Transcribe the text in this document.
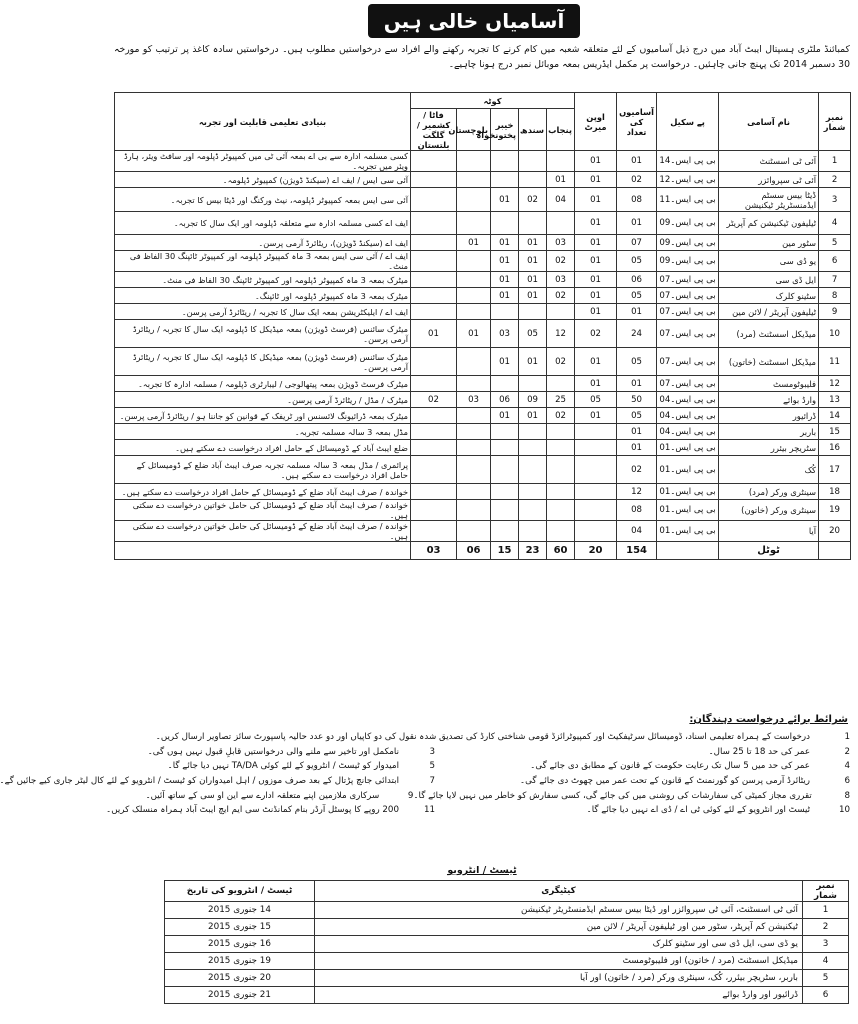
آسامیاں خالی ہیں
کمبائنڈ ملٹری ہسپتال ایبٹ آباد میں درج ذیل آسامیوں کے لئے متعلقہ شعبہ میں کام کرنے کا تجربہ رکھنے والے افراد سے درخواستیں مطلوب ہیں۔ درخواستیں سادہ کاغذ پر ترتیب کو مورخہ 30 دسمبر 2014 تک پہنچ جانی چاہئیں۔ درخواست پر مکمل ایڈریس بمعہ موبائل نمبر درج ہونا چاہیے۔
نمبر شمار	نام آسامی	پے سکیل	آسامیوں کی تعداد	اوپن میرٹ	کوٹہ					بنیادی تعلیمی قابلیت اور تجربہ
					پنجاب	سندھ	خیبر پختونخواہ	بلوچستان	فاٹا / کشمیر / گلگت بلتستان	
1	آئی ٹی اسسٹنٹ	بی پی ایس۔14	01	01						کسی مسلمہ ادارہ سے بی اے بمعہ آئی ٹی میں کمپیوٹر ڈپلومہ اور سافٹ ویئر، ہارڈ ویئر میں تجربہ۔
2	آئی ٹی سپروائزر	بی پی ایس۔12	02	01	01					آئی سی ایس / ایف اے (سیکنڈ ڈویژن) کمپیوٹر ڈپلومہ۔
3	ڈیٹا بیس سسٹم ایڈمنسٹریٹر ٹیکنیشن	بی پی ایس۔11	08	01	04	02	01			آئی سی ایس بمعہ کمپیوٹر ڈپلومہ، نیٹ ورکنگ اور ڈیٹا بیس کا تجربہ۔
4	ٹیلیفون ٹیکنیشن کم آپریٹر	بی پی ایس۔09	01	01						ایف اے کسی مسلمہ ادارہ سے متعلقہ ڈپلومہ اور ایک سال کا تجربہ۔
5	سٹور مین	بی پی ایس۔09	07	01	03	01	01	01		ایف اے (سیکنڈ ڈویژن)، ریٹائرڈ آرمی پرسن۔
6	یو ڈی سی	بی پی ایس۔09	05	01	02	01	01			ایف اے / آئی سی ایس بمعہ 3 ماہ کمپیوٹر ڈپلومہ اور کمپیوٹر ٹائپنگ 30 الفاظ فی منٹ۔
7	ایل ڈی سی	بی پی ایس۔07	06	01	03	01	01			میٹرک بمعہ 3 ماہ کمپیوٹر ڈپلومہ اور کمپیوٹر ٹائپنگ 30 الفاظ فی منٹ۔
8	سٹینو کلرک	بی پی ایس۔07	05	01	02	01	01			میٹرک بمعہ 3 ماہ کمپیوٹر ڈپلومہ اور ٹائپنگ۔
9	ٹیلیفون آپریٹر / لائن مین	بی پی ایس۔07	01	01						ایف اے / ایلیکٹریشن بمعہ ایک سال کا تجربہ / ریٹائرڈ آرمی پرسن۔
10	میڈیکل اسسٹنٹ (مرد)	بی پی ایس۔07	24	02	12	05	03	01	01	میٹرک سائنس (فرسٹ ڈویژن) بمعہ میڈیکل کا ڈپلومہ ایک سال کا تجربہ / ریٹائرڈ آرمی پرسن۔
11	میڈیکل اسسٹنٹ (خاتون)	بی پی ایس۔07	05	01	02	01	01			میٹرک سائنس (فرسٹ ڈویژن) بمعہ میڈیکل کا ڈپلومہ ایک سال کا تجربہ / ریٹائرڈ آرمی پرسن۔
12	فلیبوٹومسٹ	بی پی ایس۔07	01	01						میٹرک فرسٹ ڈویژن بمعہ پیتھالوجی / لیبارٹری ڈپلومہ / مسلمہ ادارہ کا تجربہ۔
13	وارڈ بوائے	بی پی ایس۔04	50	05	25	09	06	03	02	میٹرک / مڈل / ریٹائرڈ آرمی پرسن۔
14	ڈرائیور	بی پی ایس۔04	05	01	02	01	01			میٹرک بمعہ ڈرائیونگ لائسنس اور ٹریفک کے قوانین کو جاننا ہو / ریٹائرڈ آرمی پرسن۔
15	باربر	بی پی ایس۔04	01							مڈل بمعہ 3 سالہ مسلمہ تجربہ۔
16	سٹریچر بیئرر	بی پی ایس۔01	01							ضلع ایبٹ آباد کے ڈومیسائل کے حامل افراد درخواست دے سکتے ہیں۔
17	کُک	بی پی ایس۔01	02							پرائمری / مڈل بمعہ 3 سالہ مسلمہ تجربہ صرف ایبٹ آباد ضلع کے ڈومیسائل کے حامل افراد درخواست دے سکتے ہیں۔
18	سینٹری ورکر (مرد)	بی پی ایس۔01	12							خواندہ / صرف ایبٹ آباد ضلع کے ڈومیسائل کے حامل افراد درخواست دے سکتے ہیں۔
19	سینٹری ورکر (خاتون)	بی پی ایس۔01	08							خواندہ / صرف ایبٹ آباد ضلع کے ڈومیسائل کی حامل خواتین درخواست دے سکتی ہیں۔
20	آیا	بی پی ایس۔01	04							خواندہ / صرف ایبٹ آباد ضلع کے ڈومیسائل کی حامل خواتین درخواست دے سکتی ہیں۔
	ٹوٹل		154	20	60	23	15	06	03	
شرائط برائے درخواست دہندگان:
1
درخواست کے ہمراہ تعلیمی اسناد، ڈومیسائل سرٹیفکیٹ اور کمپیوٹرائزڈ قومی شناختی کارڈ کی تصدیق شدہ نقول کی دو کاپیاں اور دو عدد حالیہ پاسپورٹ سائز تصاویر ارسال کریں۔
2
عمر کی حد 18 تا 25 سال۔
3
نامکمل اور تاخیر سے ملنے والی درخواستیں قابلِ قبول نہیں ہوں گی۔
4
عمر کی حد میں 5 سال تک رعایت حکومت کے قانون کے مطابق دی جائے گی۔
5
امیدوار کو ٹیسٹ / انٹرویو کے لئے کوئی TA/DA نہیں دیا جائے گا۔
6
ریٹائرڈ آرمی پرسن کو گورنمنٹ کے قانون کے تحت عمر میں چھوٹ دی جائے گی۔
7
ابتدائی جانچ پڑتال کے بعد صرف موزوں / اہل امیدواران کو ٹیسٹ / انٹرویو کے لئے کال لیٹر جاری کیے جائیں گے۔
8
تقرری مجاز کمیٹی کی سفارشات کی روشنی میں کی جائے گی، کسی سفارش کو خاطر میں نہیں لایا جائے گا۔
9
سرکاری ملازمین اپنے متعلقہ ادارے سے این او سی کے ساتھ آئیں۔
10
ٹیسٹ اور انٹرویو کے لئے کوئی ٹی اے / ڈی اے نہیں دیا جائے گا۔
11
200 روپے کا پوسٹل آرڈر بنام کمانڈنٹ سی ایم ایچ ایبٹ آباد ہمراہ منسلک کریں۔
ٹیسٹ / انٹرویو
نمبر شمار	کیٹیگری	ٹیسٹ / انٹرویو کی تاریخ
1	آئی ٹی اسسٹنٹ، آئی ٹی سپروائزر اور ڈیٹا بیس سسٹم ایڈمنسٹریٹر ٹیکنیشن	14 جنوری 2015
2	ٹیکنیشن کم آپریٹر، سٹور مین اور ٹیلیفون آپریٹر / لائن مین	15 جنوری 2015
3	یو ڈی سی، ایل ڈی سی اور سٹینو کلرک	16 جنوری 2015
4	میڈیکل اسسٹنٹ (مرد / خاتون) اور فلیبوٹومسٹ	19 جنوری 2015
5	باربر، سٹریچر بیئرر، کُک، سینٹری ورکر (مرد / خاتون) اور آیا	20 جنوری 2015
6	ڈرائیور اور وارڈ بوائے	21 جنوری 2015
